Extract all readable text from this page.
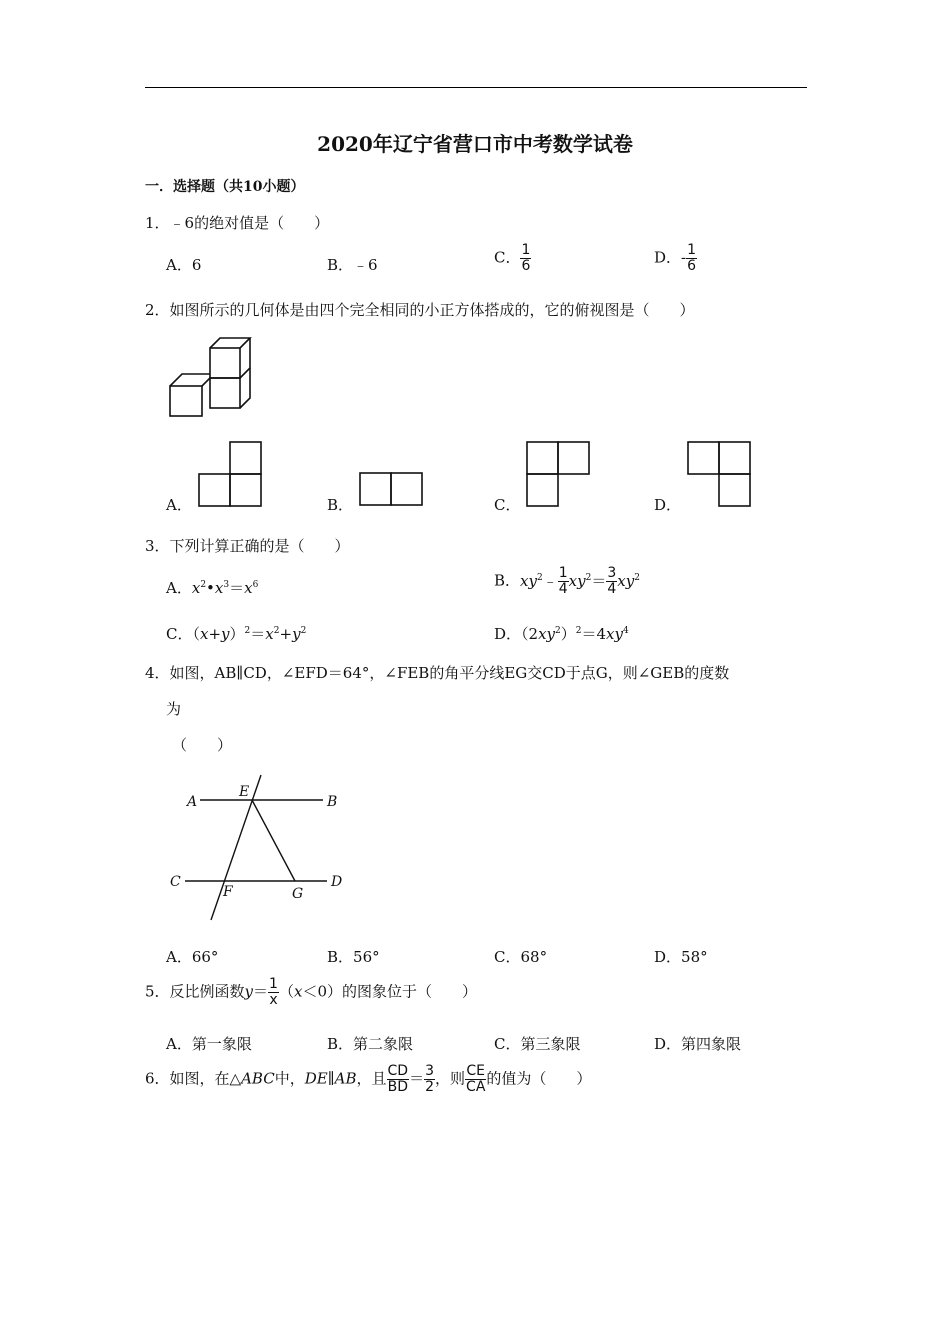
2020年辽宁省营口市中考数学试卷
一．选择题（共10小题）
1．﹣6的绝对值是（　　）
A．6	B．﹣6	C． $\frac{1}{6}$	D．- $\frac{1}{6}$
2．如图所示的几何体是由四个完全相同的小正方体搭成的，它的俯视图是（　　）
A．	B．	C．	D．
3．下列计算正确的是（　　）
A．$x^2•x^3=x^6$	B．$xy^2﹣ \frac{1}{4} xy^2= \frac{3}{4} xy^2$
C．$(x+y)^2=x^2+y^2$	D．$(2xy^2)^2=4xy^4$
4．如图，AB∥CD，∠EFD＝64°，∠FEB的角平分线EG交CD于点G，则∠GEB的度数
为
（　　）
A	B
C	D
E
F	G
A．66°	B．56°	C．68°	D．58°
5．反比例函数$y= \frac{1}{x} (x<0)$的图象位于（　　）
A．第一象限	B．第二象限	C．第三象限	D．第四象限
6．如图，在△ABC中，DE∥AB，且 $\frac{CD}{BD} = \frac{3}{2}$ ，则 $\frac{CE}{CA}$ 的值为（　　）
